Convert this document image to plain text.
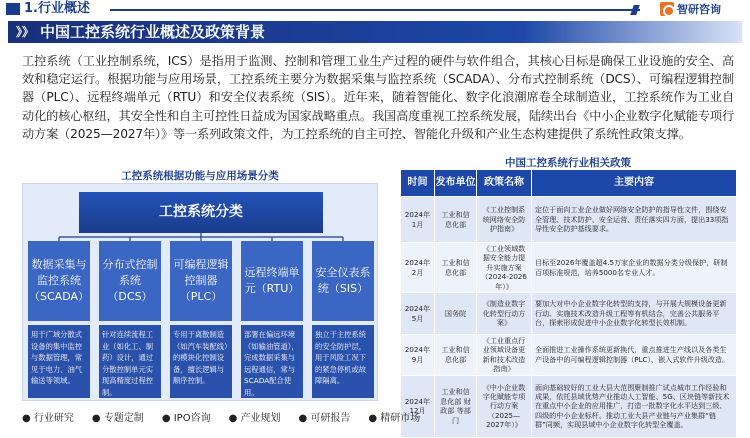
1.行业概述	智研咨询
》》 中国工控系统行业概述及政策背景

工控系统（工业控制系统，ICS）是指用于监测、控制和管理工业生产过程的硬件与软件组合，其核心目标是确保工业设施的安全、高效和稳定运行。根据功能与应用场景，工控系统主要分为数据采集与监控系统（SCADA）、分布式控制系统（DCS）、可编程逻辑控制器（PLC）、远程终端单元（RTU）和安全仪表系统（SIS）。近年来，随着智能化、数字化浪潮席卷全球制造业，工控系统作为工业自动化的核心枢纽，其安全性和自主可控性日益成为国家战略重点。我国高度重视工控系统发展，陆续出台《中小企业数字化赋能专项行动方案（2025—2027年）》等一系列政策文件，为工控系统的自主可控、智能化升级和产业生态构建提供了系统性政策支撑。

工控系统根据功能与应用场景分类
工控系统分类
数据采集与监控系统（SCADA）
用于广域分散式设备的集中监控与数据管理，常见于电力、油气输送等领域。
分布式控制系统（DCS）
针对连续流程工业（如化工、制药）设计，通过分散控制单元实现高精度过程控制。
可编程逻辑控制器（PLC）
专用于离散制造（如汽车装配线）的模块化控制设备，擅长逻辑与顺序控制。
远程终端单元（RTU）
部署在偏远环境（如输油管道），完成数据采集与远程通信，常与SCADA配合使用。
安全仪表系统（SIS）
独立于主控系统的安全防护层，用于风险工况下的紧急停机或故障隔离。
中国工控系统行业相关政策
时间	发布单位	政策名称	主要内容
2024年1月	工业和信息化部	《工业控制系统网络安全防护指南》	定位于面向工业企业做好网络安全防护的指导性文件，围绕安全管理、技术防护、安全运营、责任落实四方面，提出33项指导性安全防护基线要求。
2024年2月	工业和信息化部	《工业领域数据安全能力提升实施方案（2024-2026年）》	目标至2026年覆盖超4.5万家企业的数据分类分级保护，研制百项标准规范，培养5000名专业人才。
2024年5月	国务院	《制造业数字化转型行动方案》	要加大对中小企业数字化转型的支持，与开展大规模设备更新行动、实施技术改造升级工程等有机结合，完善公共服务平台，探索形成促进中小企业数字化转型长效机制。
2024年9月	工业和信息化部	《工业重点行业领域设备更新和技术改造指南》	全面推进工业操作系统更新换代，重点推进生产线以及各类生产设备中的可编程逻辑控制器（PLC）、嵌入式软件升级改造。
2024年12月	工业和信息化部 财政部 等部门	《中小企业数字化赋能专项行动方案（2025—2027年）》	面向基础较好的工业大县大范围聚制推广试点城市工作经验和成果，依托县域优势产业推动人工智能、5G、区块链等新技术在重点中小企业的应用推广，打造一批数字化水平达到三级、四级的中小企业标杆。推动工业大县产业链与产业集群“链群”同频，实现县域中小企业数字化转型全覆盖。
● 行业研究 ● 专题定制 ● IPO咨询 ● 产业规划 ● 可研报告 ● 精研市场
